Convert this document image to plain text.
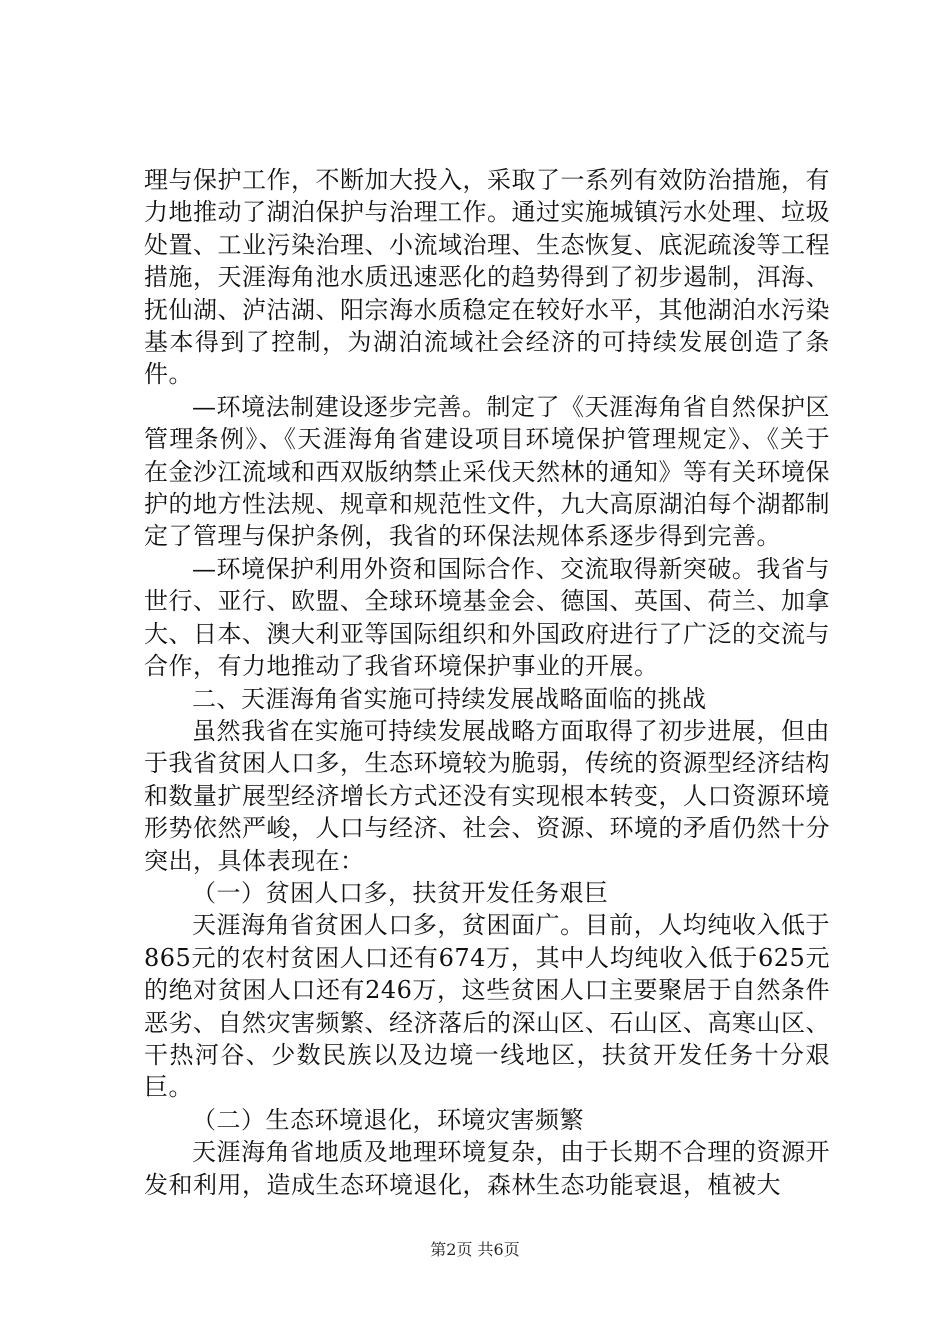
理与保护工作，不断加大投入，采取了一系列有效防治措施，有力地推动了湖泊保护与治理工作。通过实施城镇污水处理、垃圾处置、工业污染治理、小流域治理、生态恢复、底泥疏浚等工程措施，天涯海角池水质迅速恶化的趋势得到了初步遏制，洱海、抚仙湖、泸沽湖、阳宗海水质稳定在较好水平，其他湖泊水污染基本得到了控制，为湖泊流域社会经济的可持续发展创造了条件。

—环境法制建设逐步完善。制定了《天涯海角省自然保护区管理条例》、《天涯海角省建设项目环境保护管理规定》、《关于在金沙江流域和西双版纳禁止采伐天然林的通知》等有关环境保护的地方性法规、规章和规范性文件，九大高原湖泊每个湖都制定了管理与保护条例，我省的环保法规体系逐步得到完善。

—环境保护利用外资和国际合作、交流取得新突破。我省与世行、亚行、欧盟、全球环境基金会、德国、英国、荷兰、加拿大、日本、澳大利亚等国际组织和外国政府进行了广泛的交流与合作，有力地推动了我省环境保护事业的开展。

二、天涯海角省实施可持续发展战略面临的挑战

虽然我省在实施可持续发展战略方面取得了初步进展，但由于我省贫困人口多，生态环境较为脆弱，传统的资源型经济结构和数量扩展型经济增长方式还没有实现根本转变，人口资源环境形势依然严峻，人口与经济、社会、资源、环境的矛盾仍然十分突出，具体表现在：

（一）贫困人口多，扶贫开发任务艰巨

天涯海角省贫困人口多，贫困面广。目前，人均纯收入低于865元的农村贫困人口还有674万，其中人均纯收入低于625元的绝对贫困人口还有246万，这些贫困人口主要聚居于自然条件恶劣、自然灾害频繁、经济落后的深山区、石山区、高寒山区、干热河谷、少数民族以及边境一线地区，扶贫开发任务十分艰巨。

（二）生态环境退化，环境灾害频繁

天涯海角省地质及地理环境复杂，由于长期不合理的资源开发和利用，造成生态环境退化，森林生态功能衰退，植被大

第2页 共6页
